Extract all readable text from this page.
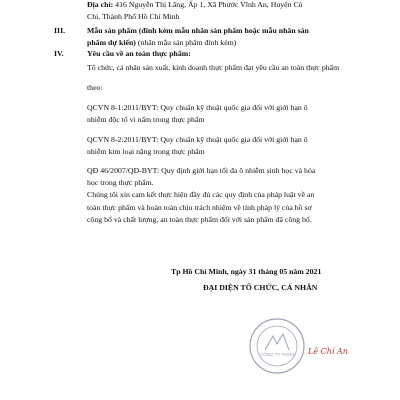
Địa chỉ: 416 Nguyễn Thị Lãng, Ấp 1, Xã Phước Vĩnh An, Huyện Củ
Chi, Thành Phố Hồ Chí Minh
III.	Mẫu sản phẩm (đính kèm mẫu nhãn sản phẩm hoặc mẫu nhãn sản
phẩm dự kiến) (nhãn mẫu sản phẩm đính kèm)
IV.	Yêu cầu về an toàn thực phẩm:
Tổ chức, cá nhân sản xuất, kinh doanh thực phẩm đạt yêu cầu an toàn thực phẩm
theo:
QCVN 8-1:2011/BYT: Quy chuẩn kỹ thuật quốc gia đối với giới hạn ô
nhiễm độc tố vi nấm trong thực phẩm
QCVN 8-2:2011/BYT: Quy chuẩn kỹ thuật quốc gia đối với giới hạn ô
nhiễm kim loại nặng trong thực phẩm
QĐ 46/2007/QĐ-BYT: Quy định giới hạn tối đa ô nhiễm sinh học và hóa
học trong thực phẩm.
Chúng tôi xin cam kết thực hiện đầy đủ các quy định của pháp luật về an
toàn thực phẩm và hoàn toàn chịu trách nhiệm về tính pháp lý của hồ sơ
công bố và chất lượng, an toàn thực phẩm đối với sản phẩm đã công bố.
Tp Hồ Chí Minh, ngày 31 tháng 05 năm 2021
ĐẠI DIỆN TỔ CHỨC, CÁ NHÂN
CÔNG TY TNHH Lê Chí An
